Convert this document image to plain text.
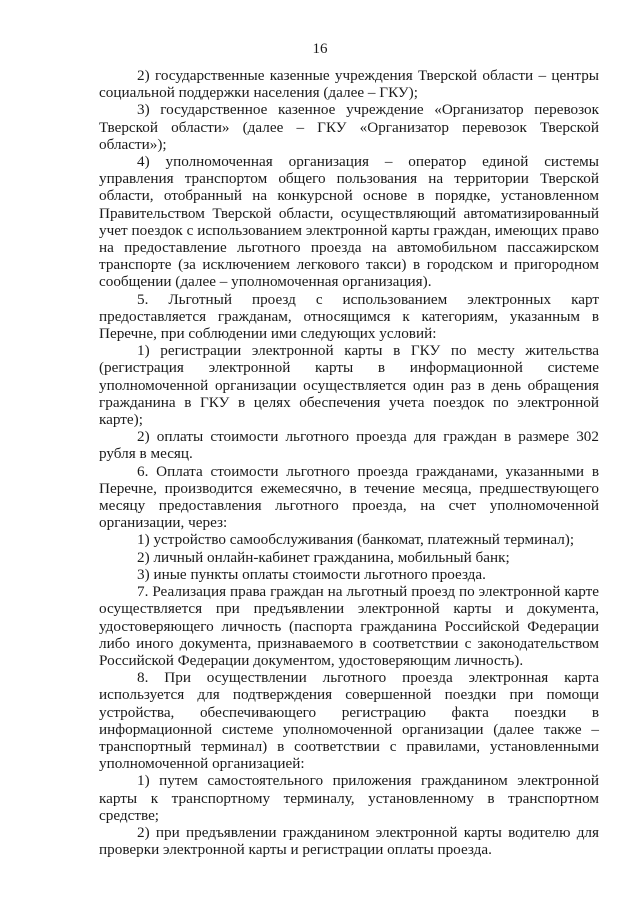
16

2) государственные казенные учреждения Тверской области – центры социальной поддержки населения (далее – ГКУ);

3) государственное казенное учреждение «Организатор перевозок Тверской области» (далее – ГКУ «Организатор перевозок Тверской области»);

4) уполномоченная организация – оператор единой системы управления транспортом общего пользования на территории Тверской области, отобранный на конкурсной основе в порядке, установленном Правительством Тверской области, осуществляющий автоматизированный учет поездок с использованием электронной карты граждан, имеющих право на предоставление льготного проезда на автомобильном пассажирском транспорте (за исключением легкового такси) в городском и пригородном сообщении (далее – уполномоченная организация).

5. Льготный проезд с использованием электронных карт предоставляется гражданам, относящимся к категориям, указанным в Перечне, при соблюдении ими следующих условий:

1) регистрации электронной карты в ГКУ по месту жительства (регистрация электронной карты в информационной системе уполномоченной организации осуществляется один раз в день обращения гражданина в ГКУ в целях обеспечения учета поездок по электронной карте);

2) оплаты стоимости льготного проезда для граждан в размере 302 рубля в месяц.

6. Оплата стоимости льготного проезда гражданами, указанными в Перечне, производится ежемесячно, в течение месяца, предшествующего месяцу предоставления льготного проезда, на счет уполномоченной организации, через:

1) устройство самообслуживания (банкомат, платежный терминал);

2) личный онлайн-кабинет гражданина, мобильный банк;

3) иные пункты оплаты стоимости льготного проезда.

7. Реализация права граждан на льготный проезд по электронной карте осуществляется при предъявлении электронной карты и документа, удостоверяющего личность (паспорта гражданина Российской Федерации либо иного документа, признаваемого в соответствии с законодательством Российской Федерации документом, удостоверяющим личность).

8. При осуществлении льготного проезда электронная карта используется для подтверждения совершенной поездки при помощи устройства, обеспечивающего регистрацию факта поездки в информационной системе уполномоченной организации (далее также – транспортный терминал) в соответствии с правилами, установленными уполномоченной организацией:

1) путем самостоятельного приложения гражданином электронной карты к транспортному терминалу, установленному в транспортном средстве;

2) при предъявлении гражданином электронной карты водителю для проверки электронной карты и регистрации оплаты проезда.
